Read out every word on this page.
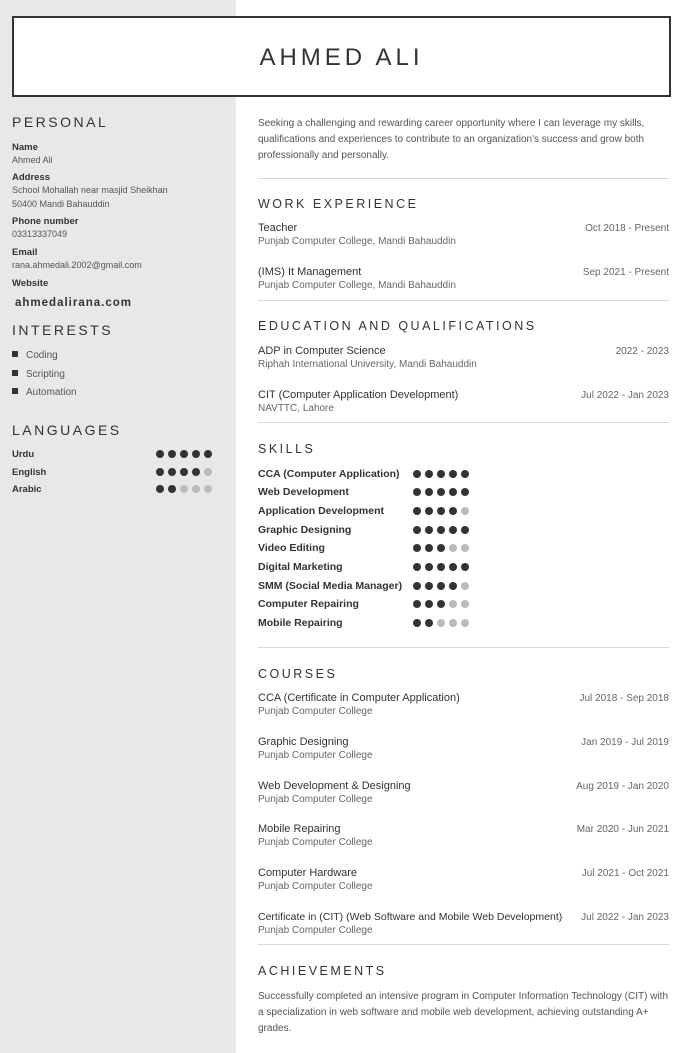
AHMED ALI
PERSONAL
Name
Ahmed Ali
Address
School Mohallah near masjid Sheikhan
50400 Mandi Bahauddin
Phone number
03313337049
Email
rana.ahmedali.2002@gmail.com
Website
ahmedalirana.com
INTERESTS
Coding
Scripting
Automation
LANGUAGES
Urdu
English
Arabic
Seeking a challenging and rewarding career opportunity where I can leverage my skills, qualifications and experiences to contribute to an organization's success and grow both professionally and personally.
WORK EXPERIENCE
Teacher
Punjab Computer College, Mandi Bahauddin
Oct 2018 - Present
(IMS) It Management
Punjab Computer College, Mandi Bahauddin
Sep 2021 - Present
EDUCATION AND QUALIFICATIONS
ADP in Computer Science
Riphah International University, Mandi Bahauddin
2022 - 2023
CIT (Computer Application Development)
NAVTTC, Lahore
Jul 2022 - Jan 2023
SKILLS
CCA (Computer Application)
Web Development
Application Development
Graphic Designing
Video Editing
Digital Marketing
SMM (Social Media Manager)
Computer Repairing
Mobile Repairing
COURSES
CCA (Certificate in Computer Application)
Punjab Computer College
Jul 2018 - Sep 2018
Graphic Designing
Punjab Computer College
Jan 2019 - Jul 2019
Web Development & Designing
Punjab Computer College
Aug 2019 - Jan 2020
Mobile Repairing
Punjab Computer College
Mar 2020 - Jun 2021
Computer Hardware
Punjab Computer College
Jul 2021 - Oct 2021
Certificate in (CIT) (Web Software and Mobile Web Development)
Punjab Computer College
Jul 2022 - Jan 2023
ACHIEVEMENTS
Successfully completed an intensive program in Computer Information Technology (CIT) with a specialization in web software and mobile web development, achieving outstanding A+ grades.
